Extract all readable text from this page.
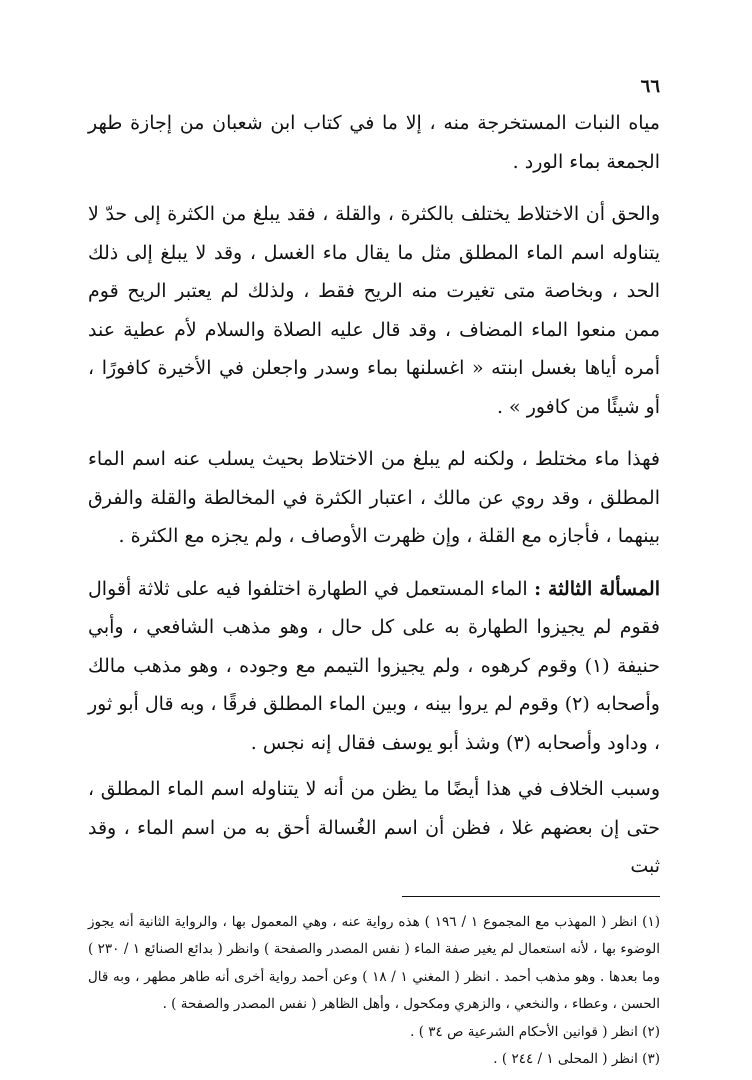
٦٦

مياه النبات المستخرجة منه ، إلا ما في كتاب ابن شعبان من إجازة طهر الجمعة بماء الورد .

والحق أن الاختلاط يختلف بالكثرة ، والقلة ، فقد يبلغ من الكثرة إلى حدّ لا يتناوله اسم الماء المطلق مثل ما يقال ماء الغسل ، وقد لا يبلغ إلى ذلك الحد ، وبخاصة متى تغيرت منه الريح فقط ، ولذلك لم يعتبر الريح قوم ممن منعوا الماء المضاف ، وقد قال عليه الصلاة والسلام لأم عطية عند أمره أياها بغسل ابنته « اغسلنها بماء وسدر واجعلن في الأخيرة كافورًا ، أو شيئًا من كافور » .

فهذا ماء مختلط ، ولكنه لم يبلغ من الاختلاط بحيث يسلب عنه اسم الماء المطلق ، وقد روي عن مالك ، اعتبار الكثرة في المخالطة والقلة والفرق بينهما ، فأجازه مع القلة ، وإن ظهرت الأوصاف ، ولم يجزه مع الكثرة .

المسألة الثالثة : الماء المستعمل في الطهارة اختلفوا فيه على ثلاثة أقوال فقوم لم يجيزوا الطهارة به على كل حال ، وهو مذهب الشافعي ، وأبي حنيفة (١) وقوم كرهوه ، ولم يجيزوا التيمم مع وجوده ، وهو مذهب مالك وأصحابه (٢) وقوم لم يروا بينه ، وبين الماء المطلق فرقًا ، وبه قال أبو ثور ، وداود وأصحابه (٣) وشذ أبو يوسف فقال إنه نجس .

وسبب الخلاف في هذا أيضًا ما يظن من أنه لا يتناوله اسم الماء المطلق ، حتى إن بعضهم غلا ، فظن أن اسم الغُسالة أحق به من اسم الماء ، وقد ثبت

(١) انظر ( المهذب مع المجموع ١ / ١٩٦ ) هذه رواية عنه ، وهي المعمول بها ، والرواية الثانية أنه يجوز الوضوء بها ، لأنه استعمال لم يغير صفة الماء ( نفس المصدر والصفحة ) وانظر ( بدائع الصنائع ١ / ٢٣٠ ) وما بعدها . وهو مذهب أحمد . انظر ( المغني ١ / ١٨ ) وعن أحمد رواية أخرى أنه طاهر مطهر ، وبه قال الحسن ، وعطاء ، والنخعي ، والزهري ومكحول ، وأهل الظاهر ( نفس المصدر والصفحة ) .

(٢) انظر ( قوانين الأحكام الشرعية ص ٣٤ ) .

(٣) انظر ( المحلى ١ / ٢٤٤ ) .
